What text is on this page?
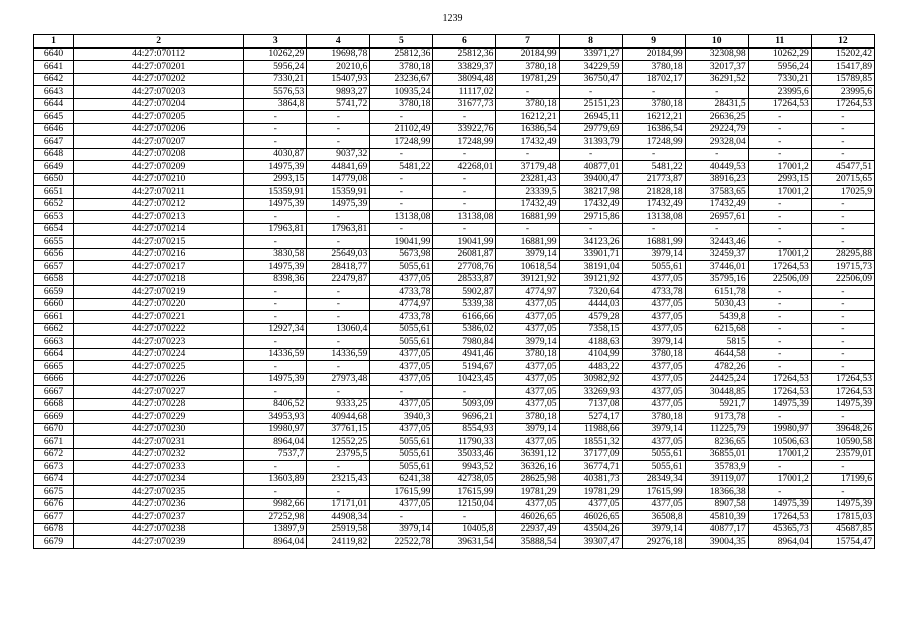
1239
1	2	3	4	5	6	7	8	9	10	11	12
6640	44:27:070112	10262,29	19698,78	25812,36	25812,36	20184,99	33971,27	20184,99	32308,98	10262,29	15202,42
6641	44:27:070201	5956,24	20210,6	3780,18	33829,37	3780,18	34229,59	3780,18	32017,37	5956,24	15417,89
6642	44:27:070202	7330,21	15407,93	23236,67	38094,48	19781,29	36750,47	18702,17	36291,52	7330,21	15789,85
6643	44:27:070203	5576,53	9893,27	10935,24	11117,02	-	-	-	-	23995,6	23995,6
6644	44:27:070204	3864,8	5741,72	3780,18	31677,73	3780,18	25151,23	3780,18	28431,5	17264,53	17264,53
6645	44:27:070205	-	-	-	-	16212,21	26945,11	16212,21	26636,25	-	-
6646	44:27:070206	-	-	21102,49	33922,76	16386,54	29779,69	16386,54	29224,79	-	-
6647	44:27:070207	-	-	17248,99	17248,99	17432,49	31393,79	17248,99	29328,04	-	-
6648	44:27:070208	4030,87	9037,32	-	-	-	-	-	-	-	-
6649	44:27:070209	14975,39	44841,69	5481,22	42268,01	37179,48	40877,01	5481,22	40449,53	17001,2	45477,51
6650	44:27:070210	2993,15	14779,08	-	-	23281,43	39400,47	21773,87	38916,23	2993,15	20715,65
6651	44:27:070211	15359,91	15359,91	-	-	23339,5	38217,98	21828,18	37583,65	17001,2	17025,9
6652	44:27:070212	14975,39	14975,39	-	-	17432,49	17432,49	17432,49	17432,49	-	-
6653	44:27:070213	-	-	13138,08	13138,08	16881,99	29715,86	13138,08	26957,61	-	-
6654	44:27:070214	17963,81	17963,81	-	-	-	-	-	-	-	-
6655	44:27:070215	-	-	19041,99	19041,99	16881,99	34123,26	16881,99	32443,46	-	-
6656	44:27:070216	3830,58	25649,03	5673,98	26081,87	3979,14	33901,71	3979,14	32459,37	17001,2	28295,88
6657	44:27:070217	14975,39	28418,77	5055,61	27708,76	10618,54	38191,04	5055,61	37446,01	17264,53	19715,73
6658	44:27:070218	8398,36	22479,87	4377,05	28533,87	39121,92	39121,92	4377,05	35795,16	22506,09	22506,09
6659	44:27:070219	-	-	4733,78	5902,87	4774,97	7320,64	4733,78	6151,78	-	-
6660	44:27:070220	-	-	4774,97	5339,38	4377,05	4444,03	4377,05	5030,43	-	-
6661	44:27:070221	-	-	4733,78	6166,66	4377,05	4579,28	4377,05	5439,8	-	-
6662	44:27:070222	12927,34	13060,4	5055,61	5386,02	4377,05	7358,15	4377,05	6215,68	-	-
6663	44:27:070223	-	-	5055,61	7980,84	3979,14	4188,63	3979,14	5815	-	-
6664	44:27:070224	14336,59	14336,59	4377,05	4941,46	3780,18	4104,99	3780,18	4644,58	-	-
6665	44:27:070225	-	-	4377,05	5194,67	4377,05	4483,22	4377,05	4782,26	-	-
6666	44:27:070226	14975,39	27973,48	4377,05	10423,45	4377,05	30982,92	4377,05	24425,24	17264,53	17264,53
6667	44:27:070227	-	-	-	-	4377,05	33269,93	4377,05	30448,85	17264,53	17264,53
6668	44:27:070228	8406,52	9333,25	4377,05	5093,09	4377,05	7137,08	4377,05	5921,7	14975,39	14975,39
6669	44:27:070229	34953,93	40944,68	3940,3	9696,21	3780,18	5274,17	3780,18	9173,78	-	-
6670	44:27:070230	19980,97	37761,15	4377,05	8554,93	3979,14	11988,66	3979,14	11225,79	19980,97	39648,26
6671	44:27:070231	8964,04	12552,25	5055,61	11790,33	4377,05	18551,32	4377,05	8236,65	10506,63	10590,58
6672	44:27:070232	7537,7	23795,5	5055,61	35033,46	36391,12	37177,09	5055,61	36855,01	17001,2	23579,01
6673	44:27:070233	-	-	5055,61	9943,52	36326,16	36774,71	5055,61	35783,9	-	-
6674	44:27:070234	13603,89	23215,43	6241,38	42738,05	28625,98	40381,73	28349,34	39119,07	17001,2	17199,6
6675	44:27:070235	-	-	17615,99	17615,99	19781,29	19781,29	17615,99	18366,38	-	-
6676	44:27:070236	9982,66	17171,01	4377,05	12150,04	4377,05	4377,05	4377,05	8907,58	14975,39	14975,39
6677	44:27:070237	27252,98	44908,34	-	-	46026,65	46026,65	36508,8	45810,39	17264,53	17815,03
6678	44:27:070238	13897,9	25919,58	3979,14	10405,8	22937,49	43504,26	3979,14	40877,17	45365,73	45687,85
6679	44:27:070239	8964,04	24119,82	22522,78	39631,54	35888,54	39307,47	29276,18	39004,35	8964,04	15754,47
